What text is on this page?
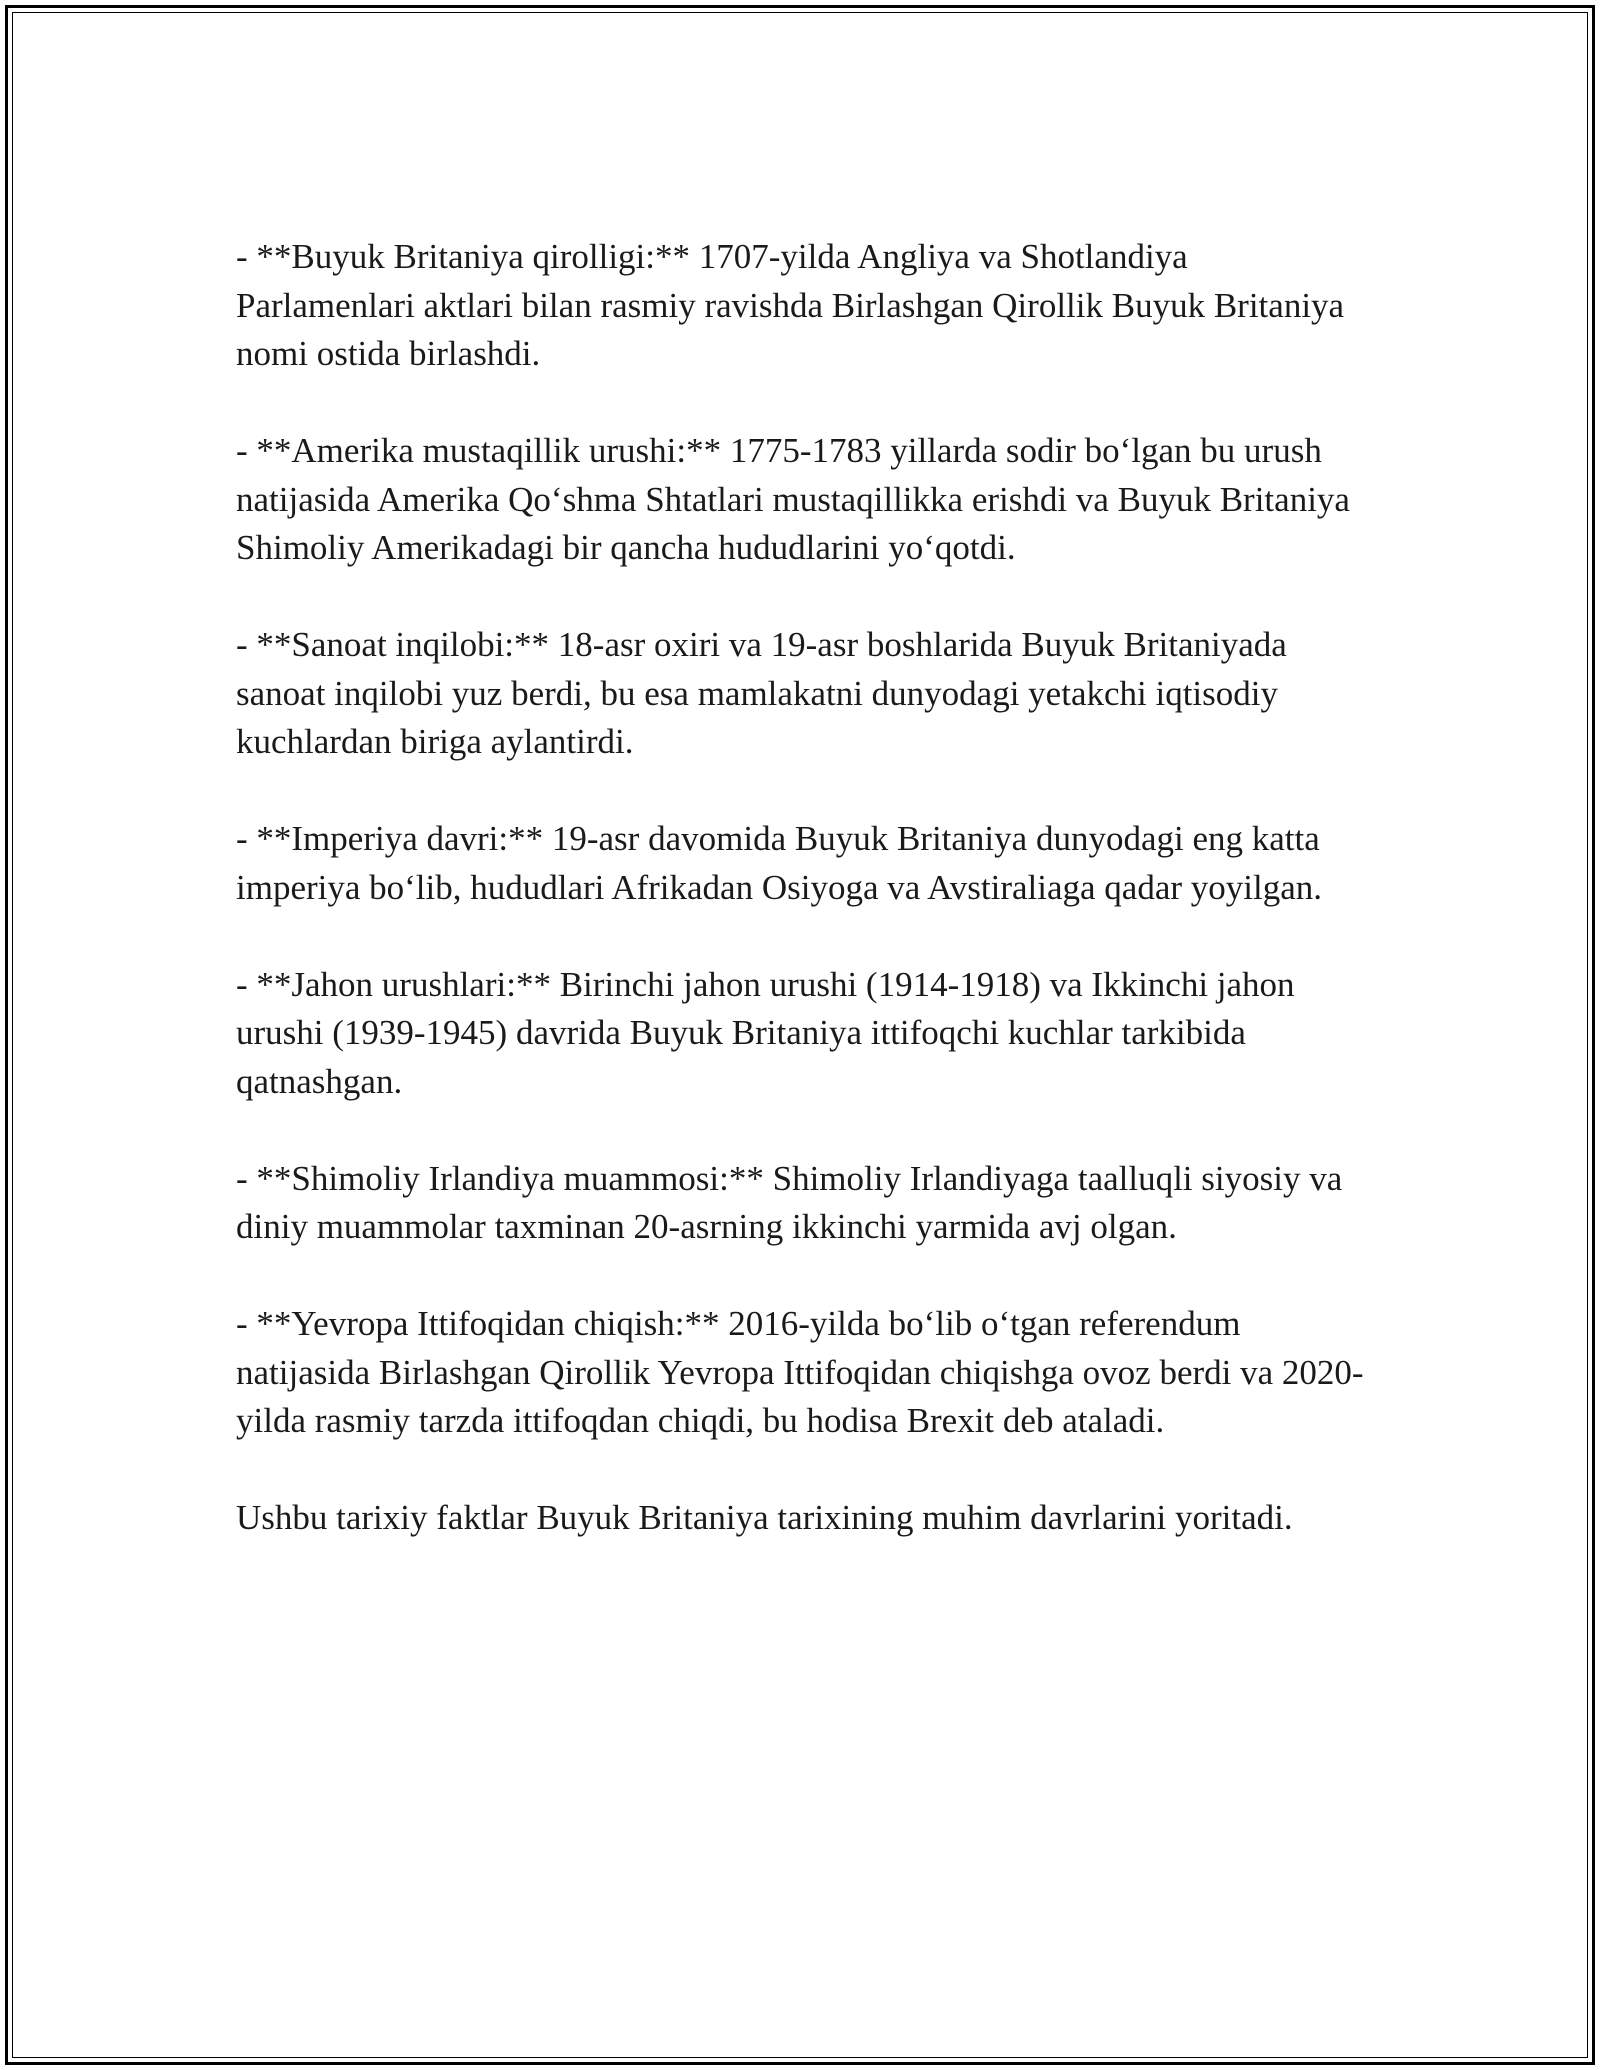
- **Buyuk Britaniya qirolligi:** 1707-yilda Angliya va Shotlandiya Parlamenlari aktlari bilan rasmiy ravishda Birlashgan Qirollik Buyuk Britaniya nomi ostida birlashdi.

- **Amerika mustaqillik urushi:** 1775-1783 yillarda sodir bo‘lgan bu urush natijasida Amerika Qo‘shma Shtatlari mustaqillikka erishdi va Buyuk Britaniya Shimoliy Amerikadagi bir qancha hududlarini yo‘qotdi.

- **Sanoat inqilobi:** 18-asr oxiri va 19-asr boshlarida Buyuk Britaniyada sanoat inqilobi yuz berdi, bu esa mamlakatni dunyodagi yetakchi iqtisodiy kuchlardan biriga aylantirdi.

- **Imperiya davri:** 19-asr davomida Buyuk Britaniya dunyodagi eng katta imperiya bo‘lib, hududlari Afrikadan Osiyoga va Avstiraliaga qadar yoyilgan.

- **Jahon urushlari:** Birinchi jahon urushi (1914-1918) va Ikkinchi jahon urushi (1939-1945) davrida Buyuk Britaniya ittifoqchi kuchlar tarkibida qatnashgan.

- **Shimoliy Irlandiya muammosi:** Shimoliy Irlandiyaga taalluqli siyosiy va diniy muammolar taxminan 20-asrning ikkinchi yarmida avj olgan.

- **Yevropa Ittifoqidan chiqish:** 2016-yilda bo‘lib o‘tgan referendum natijasida Birlashgan Qirollik Yevropa Ittifoqidan chiqishga ovoz berdi va 2020-yilda rasmiy tarzda ittifoqdan chiqdi, bu hodisa Brexit deb ataladi.

Ushbu tarixiy faktlar Buyuk Britaniya tarixining muhim davrlarini yoritadi.
